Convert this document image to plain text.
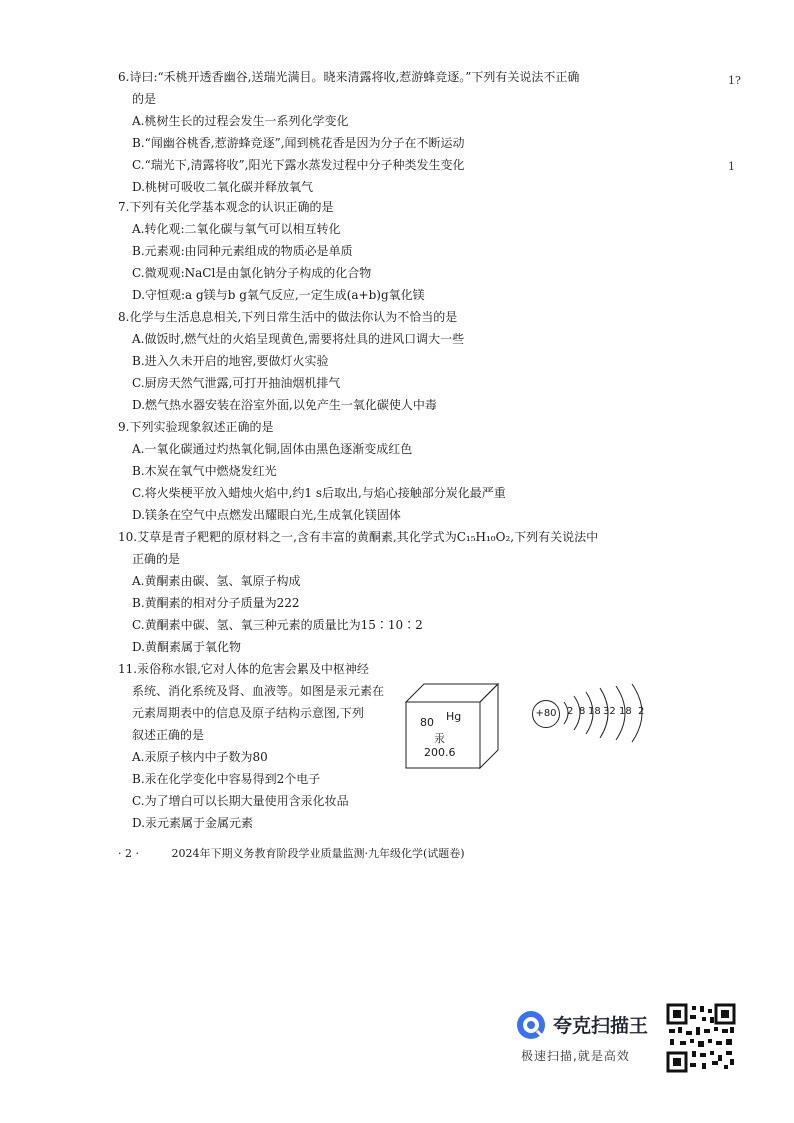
1?
1
6.诗曰:“禾桃开透香幽谷,送瑞光满目。晓来清露将收,惹游蜂竞逐。”下列有关说法不正确
的是
A.桃树生长的过程会发生一系列化学变化
B.“闻幽谷桃香,惹游蜂竞逐”,闻到桃花香是因为分子在不断运动
C.“瑞光下,清露将收”,阳光下露水蒸发过程中分子种类发生变化
D.桃树可吸收二氧化碳并释放氧气
7.下列有关化学基本观念的认识正确的是
A.转化观:二氧化碳与氧气可以相互转化
B.元素观:由同种元素组成的物质必是单质
C.微观观:NaCl是由氯化钠分子构成的化合物
D.守恒观:a g镁与b g氧气反应,一定生成(a+b)g氧化镁
8.化学与生活息息相关,下列日常生活中的做法你认为不恰当的是
A.做饭时,燃气灶的火焰呈现黄色,需要将灶具的进风口调大一些
B.进入久未开启的地窖,要做灯火实验
C.厨房天然气泄露,可打开抽油烟机排气
D.燃气热水器安装在浴室外面,以免产生一氧化碳使人中毒
9.下列实验现象叙述正确的是
A.一氧化碳通过灼热氧化铜,固体由黑色逐渐变成红色
B.木炭在氧气中燃烧发红光
C.将火柴梗平放入蜡烛火焰中,约1 s后取出,与焰心接触部分炭化最严重
D.镁条在空气中点燃发出耀眼白光,生成氧化镁固体
10.艾草是青子粑粑的原材料之一,含有丰富的黄酮素,其化学式为C₁₅H₁₀O₂,下列有关说法中
正确的是
A.黄酮素由碳、氢、氧原子构成
B.黄酮素的相对分子质量为222
C.黄酮素中碳、氢、氧三种元素的质量比为15∶10∶2
D.黄酮素属于氧化物
11.汞俗称水银,它对人体的危害会累及中枢神经
系统、消化系统及肾、血液等。如图是汞元素在
元素周期表中的信息及原子结构示意图,下列
叙述正确的是
A.汞原子核内中子数为80
B.汞在化学变化中容易得到2个电子
C.为了增白可以长期大量使用含汞化妆品
D.汞元素属于金属元素
80 Hg
汞
200.6
+80	2 8 18 32 18 2
· 2 ·	2024年下期义务教育阶段学业质量监测·九年级化学(试题卷)
夸克扫描王
极速扫描,就是高效
